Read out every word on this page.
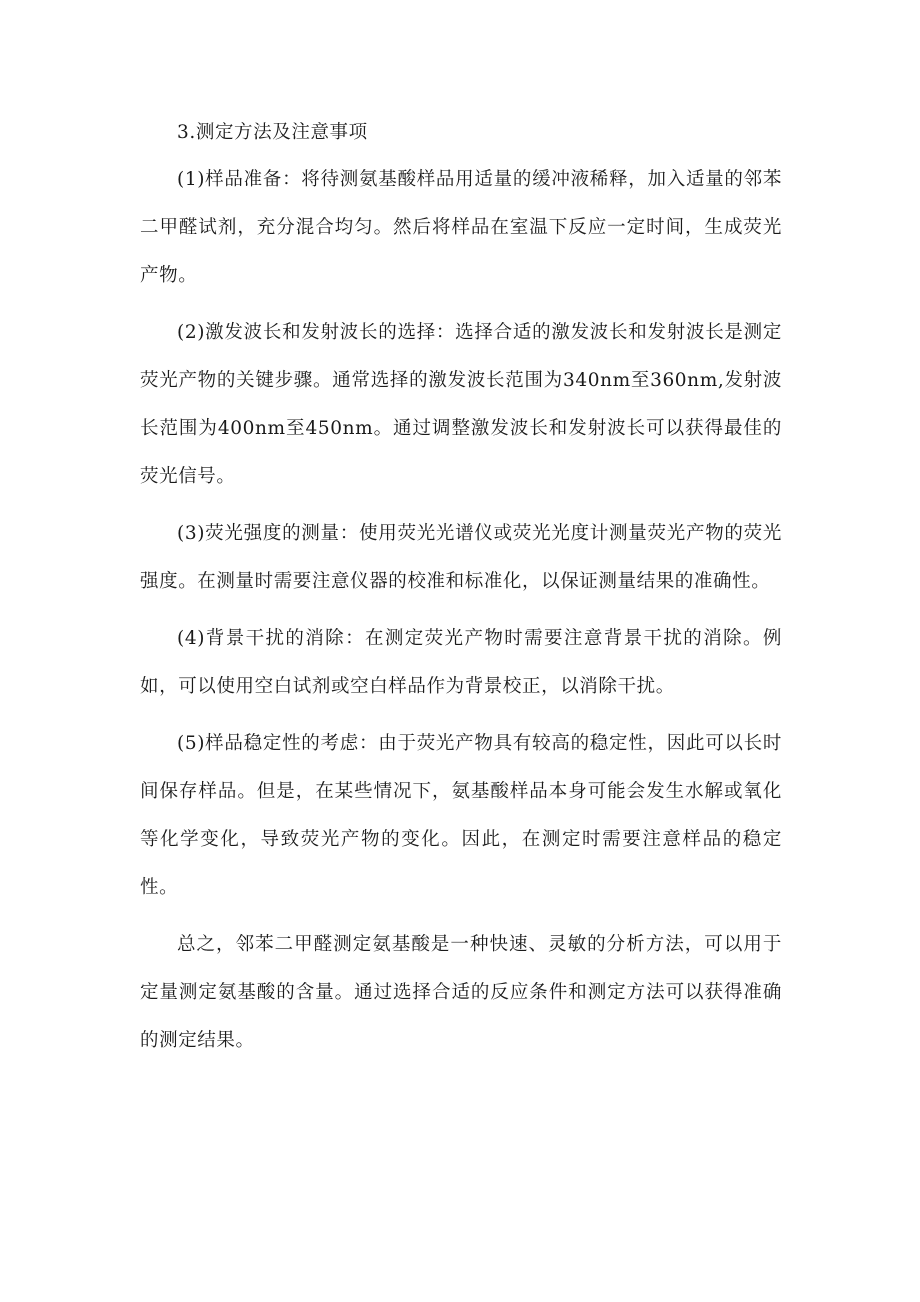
3.测定方法及注意事项

(1)样品准备：将待测氨基酸样品用适量的缓冲液稀释，加入适量的邻苯二甲醛试剂，充分混合均匀。然后将样品在室温下反应一定时间，生成荧光产物。

(2)激发波长和发射波长的选择：选择合适的激发波长和发射波长是测定荧光产物的关键步骤。通常选择的激发波长范围为340nm至360nm,发射波长范围为400nm至450nm。通过调整激发波长和发射波长可以获得最佳的荧光信号。

(3)荧光强度的测量：使用荧光光谱仪或荧光光度计测量荧光产物的荧光强度。在测量时需要注意仪器的校准和标准化，以保证测量结果的准确性。

(4)背景干扰的消除：在测定荧光产物时需要注意背景干扰的消除。例如，可以使用空白试剂或空白样品作为背景校正，以消除干扰。

(5)样品稳定性的考虑：由于荧光产物具有较高的稳定性，因此可以长时间保存样品。但是，在某些情况下，氨基酸样品本身可能会发生水解或氧化等化学变化，导致荧光产物的变化。因此，在测定时需要注意样品的稳定性。

总之，邻苯二甲醛测定氨基酸是一种快速、灵敏的分析方法，可以用于定量测定氨基酸的含量。通过选择合适的反应条件和测定方法可以获得准确的测定结果。
